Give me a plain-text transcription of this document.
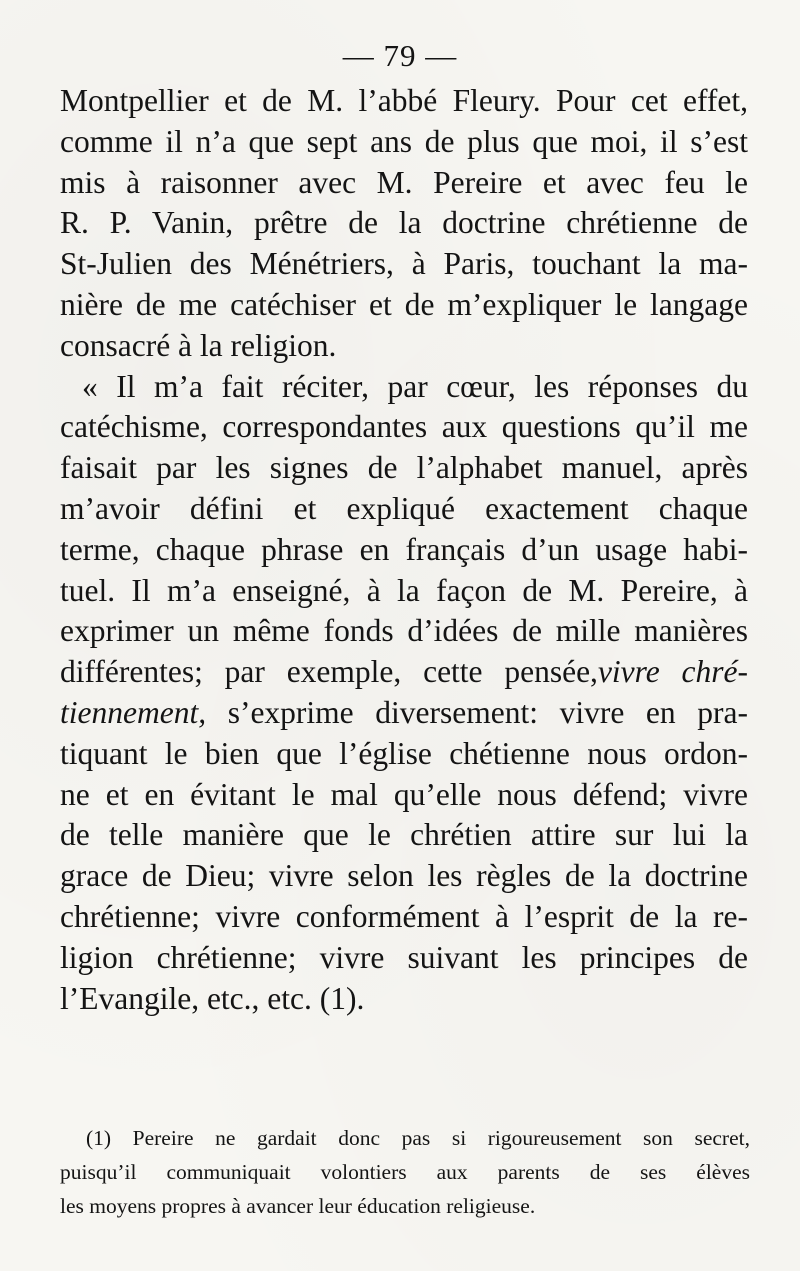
— 79 —
Montpellier et de M. l’abbé Fleury. Pour cet effet,
comme il n’a que sept ans de plus que moi, il s’est
mis à raisonner avec M. Pereire et avec feu le
R. P. Vanin, prêtre de la doctrine chrétienne de
St-Julien des Ménétriers, à Paris, touchant la ma-
nière de me catéchiser et de m’expliquer le langage
consacré à la religion.
« Il m’a fait réciter, par cœur, les réponses du
catéchisme, correspondantes aux questions qu’il me
faisait par les signes de l’alphabet manuel, après
m’avoir défini et expliqué exactement chaque
terme, chaque phrase en français d’un usage habi-
tuel. Il m’a enseigné, à la façon de M. Pereire, à
exprimer un même fonds d’idées de mille manières
différentes; par exemple, cette pensée,vivre chré-
tiennement, s’exprime diversement: vivre en pra-
tiquant le bien que l’église chétienne nous ordon-
ne et en évitant le mal qu’elle nous défend; vivre
de telle manière que le chrétien attire sur lui la
grace de Dieu; vivre selon les règles de la doctrine
chrétienne; vivre conformément à l’esprit de la re-
ligion chrétienne; vivre suivant les principes de
l’Evangile, etc., etc. (1).
(1) Pereire ne gardait donc pas si rigoureusement son secret,
puisqu’il communiquait volontiers aux parents de ses élèves
les moyens propres à avancer leur éducation religieuse.
